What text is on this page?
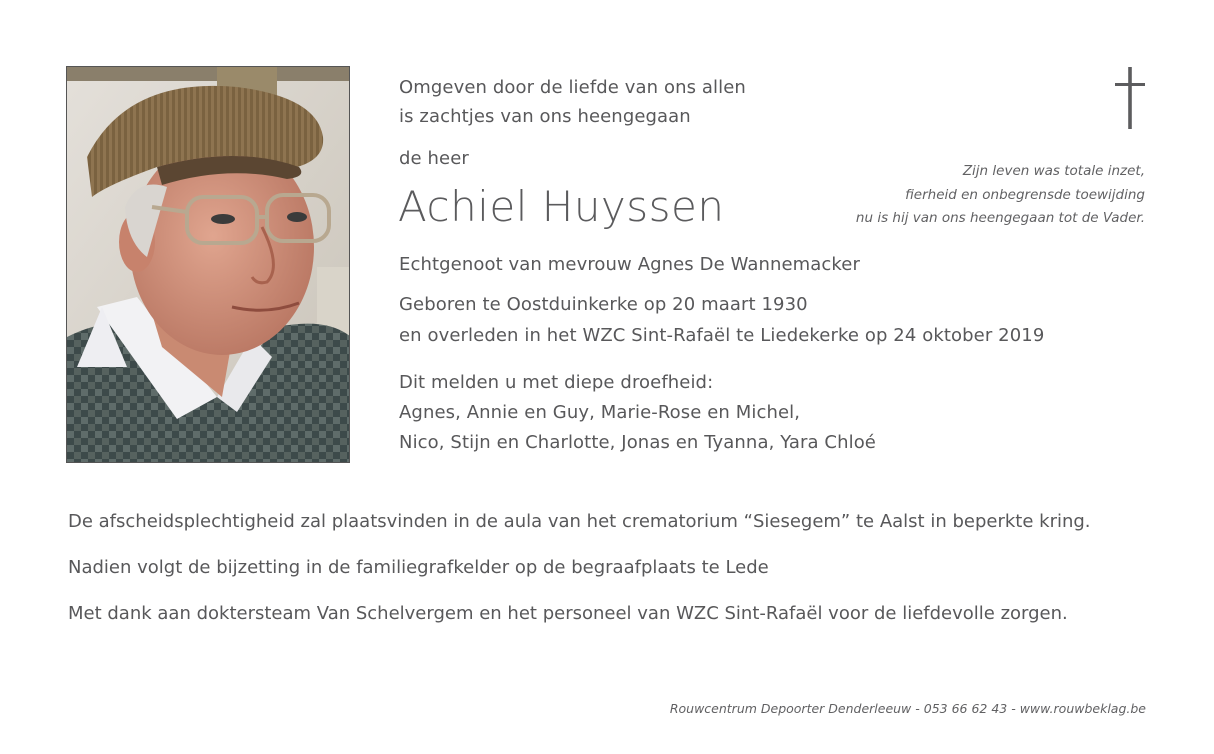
Omgeven door de liefde van ons allen
is zachtjes van ons heengegaan
de heer
Achiel Huyssen
Echtgenoot van mevrouw Agnes De Wannemacker
Geboren te Oostduinkerke op 20 maart 1930
en overleden in het WZC Sint-Rafaël te Liedekerke op 24 oktober 2019
Dit melden u met diepe droefheid:
Agnes, Annie en Guy, Marie-Rose en Michel,
Nico, Stijn en Charlotte, Jonas en Tyanna, Yara Chloé
Zijn leven was totale inzet,
fierheid en onbegrensde toewijding
nu is hij van ons heengegaan tot de Vader.
De afscheidsplechtigheid zal plaatsvinden in de aula van het crematorium “Siesegem” te Aalst in beperkte kring.
Nadien volgt de bijzetting in de familiegrafkelder op de begraafplaats te Lede
Met dank aan doktersteam Van Schelvergem en het personeel van WZC Sint-Rafaël voor de liefdevolle zorgen.
Rouwcentrum Depoorter Denderleeuw - 053 66 62 43 - www.rouwbeklag.be
